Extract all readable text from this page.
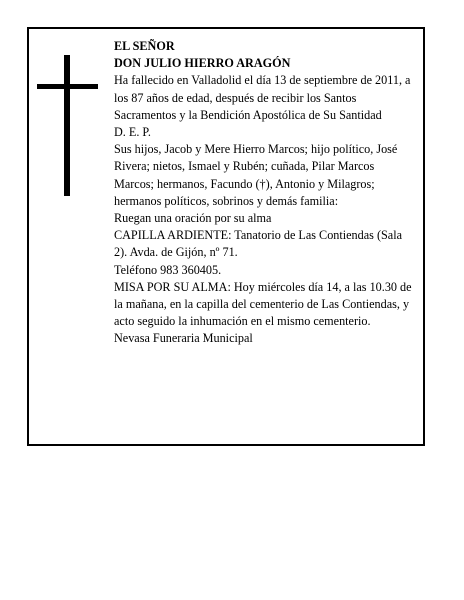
EL SEÑOR
DON JULIO HIERRO ARAGÓN
Ha fallecido en Valladolid el día 13 de septiembre de 2011, a los 87 años de edad, después de recibir los Santos Sacramentos y la Bendición Apostólica de Su Santidad
D. E. P.
Sus hijos, Jacob y Mere Hierro Marcos; hijo político, José Rivera; nietos, Ismael y Rubén; cuñada, Pilar Marcos Marcos; hermanos, Facundo (†), Antonio y Milagros; hermanos políticos, sobrinos y demás familia:
Ruegan una oración por su alma
CAPILLA ARDIENTE: Tanatorio de Las Contiendas (Sala 2). Avda. de Gijón, nº 71.
Teléfono 983 360405.
MISA POR SU ALMA: Hoy miércoles día 14, a las 10.30 de la mañana, en la capilla del cementerio de Las Contiendas, y acto seguido la inhumación en el mismo cementerio.
Nevasa Funeraria Municipal
